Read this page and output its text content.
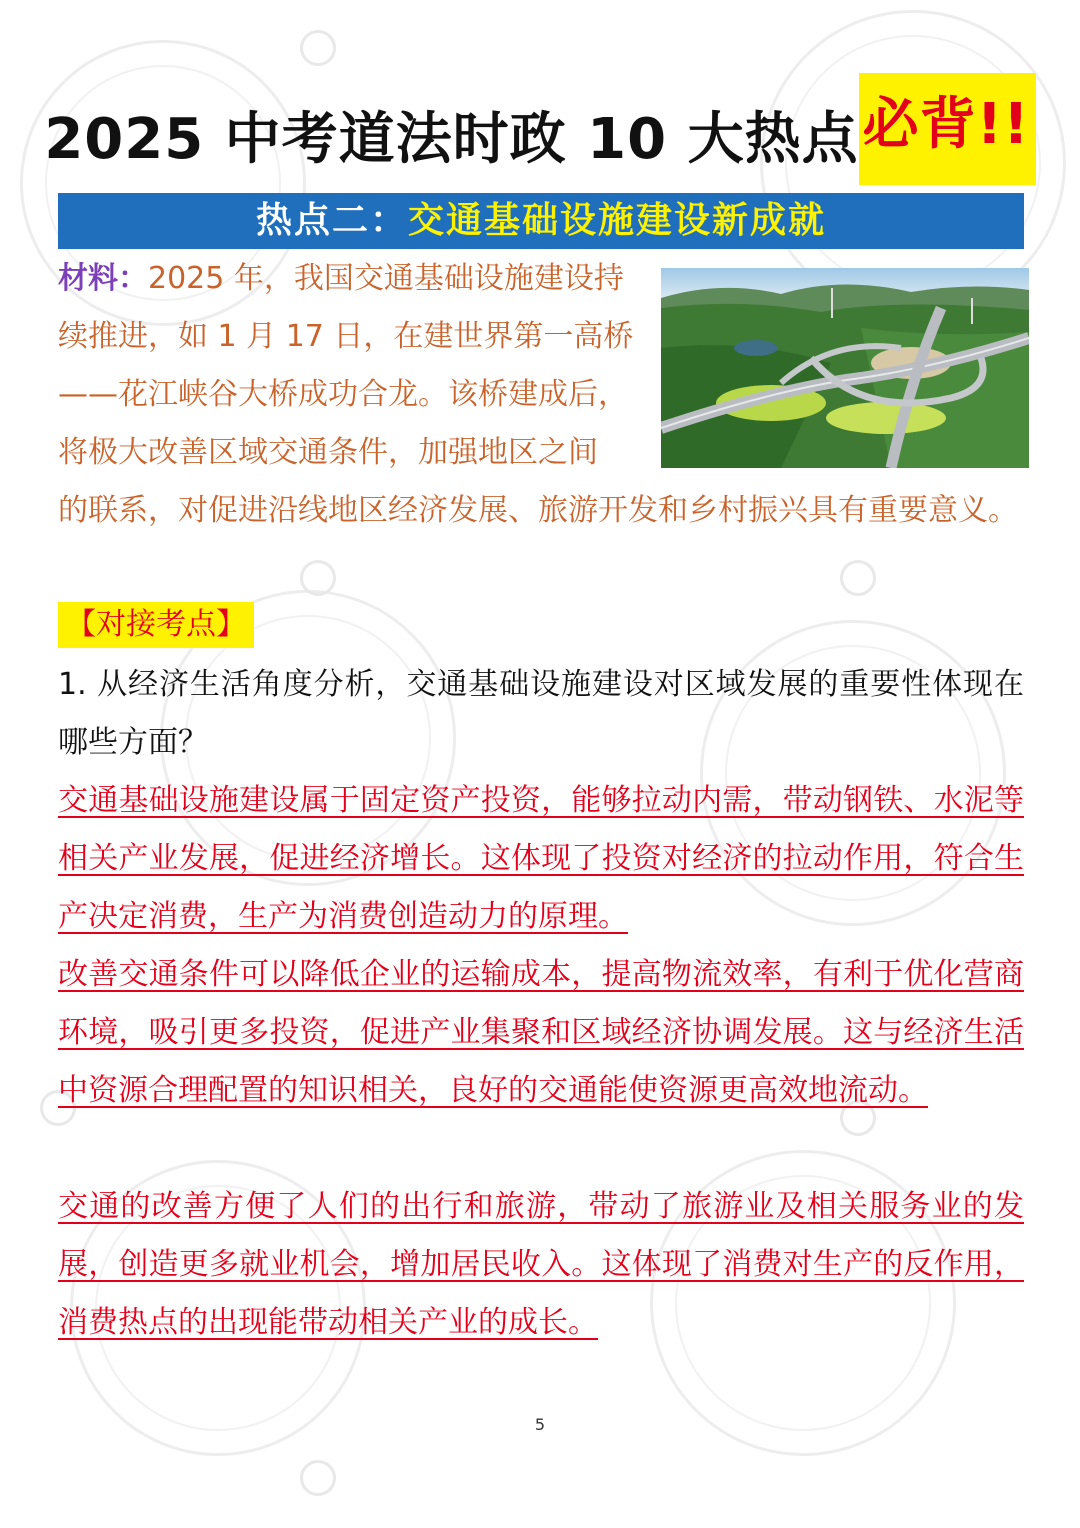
2025 中考道法时政 10 大热点必背!!
热点二：交通基础设施建设新成就
材料：2025 年，我国交通基础设施建设持续推进，如 1 月 17 日，在建世界第一高桥——花江峡谷大桥成功合龙。该桥建成后，将极大改善区域交通条件，加强地区之间
的联系，对促进沿线地区经济发展、旅游开发和乡村振兴具有重要意义。
【对接考点】
1. 从经济生活角度分析，交通基础设施建设对区域发展的重要性体现在哪些方面？
交通基础设施建设属于固定资产投资，能够拉动内需，带动钢铁、水泥等相关产业发展，促进经济增长。这体现了投资对经济的拉动作用，符合生产决定消费，生产为消费创造动力的原理。
改善交通条件可以降低企业的运输成本，提高物流效率，有利于优化营商环境，吸引更多投资，促进产业集聚和区域经济协调发展。这与经济生活中资源合理配置的知识相关，良好的交通能使资源更高效地流动。
交通的改善方便了人们的出行和旅游，带动了旅游业及相关服务业的发展，创造更多就业机会，增加居民收入。这体现了消费对生产的反作用，消费热点的出现能带动相关产业的成长。
5
